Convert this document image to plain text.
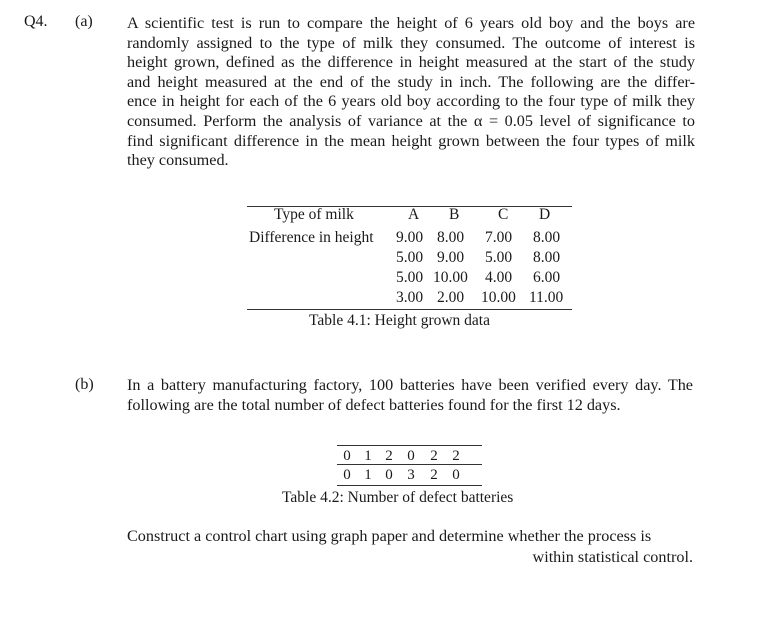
Q4. (a) A scientific test is run to compare the height of 6 years old boy and the boys are
randomly assigned to the type of milk they consumed. The outcome of interest is
height grown, defined as the difference in height measured at the start of the study
and height measured at the end of the study in inch. The following are the differ-
ence in height for each of the 6 years old boy according to the four type of milk they
consumed. Perform the analysis of variance at the α = 0.05 level of significance to
find significant difference in the mean height grown between the four types of milk
they consumed.
Type of milk	A B C D
Difference in height 9.00 8.00 7.00 8.00
5.00 9.00 5.00 8.00
5.00 10.00 4.00 6.00
3.00 2.00 10.00 11.00
Table 4.1: Height grown data
(b) In a battery manufacturing factory, 100 batteries have been verified every day. The
following are the total number of defect batteries found for the first 12 days.
0 1 2 0	2 2
0 1 0 3	2 0
Table 4.2: Number of defect batteries
Construct a control chart using graph paper and determine whether the process is
within statistical control.
